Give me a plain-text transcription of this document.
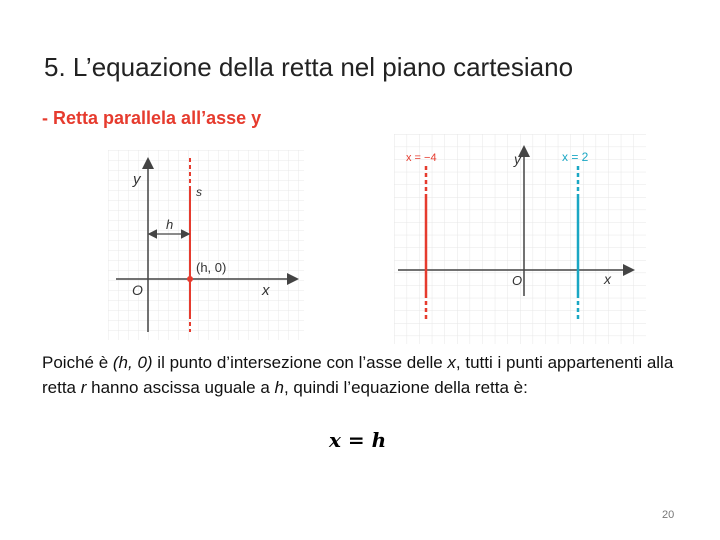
5. L’equazione della retta nel piano cartesiano
- Retta parallela all’asse y
y
x
O
s
h
(h, 0)
x = −4	x = 2
y
x
O
Poiché è (h, 0) il punto d’intersezione con l’asse delle x, tutti i punti appartenenti alla retta r hanno ascissa uguale a h, quindi l’equazione della retta è:
x = h
20
